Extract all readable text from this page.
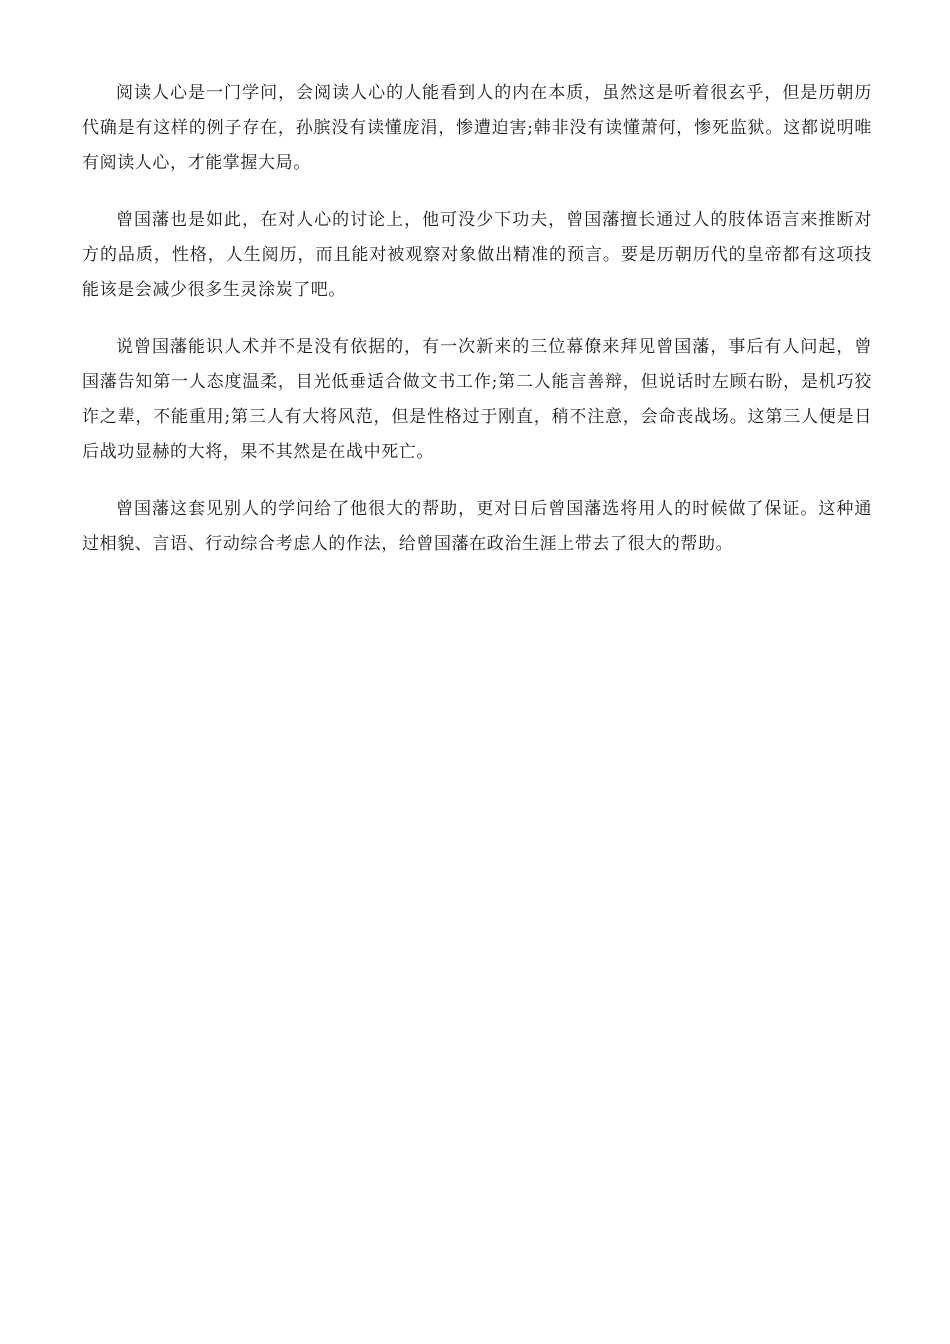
阅读人心是一门学问，会阅读人心的人能看到人的内在本质，虽然这是听着很玄乎，但是历朝历代确是有这样的例子存在，孙膑没有读懂庞涓，惨遭迫害;韩非没有读懂萧何，惨死监狱。这都说明唯有阅读人心，才能掌握大局。

曾国藩也是如此，在对人心的讨论上，他可没少下功夫，曾国藩擅长通过人的肢体语言来推断对方的品质，性格，人生阅历，而且能对被观察对象做出精准的预言。要是历朝历代的皇帝都有这项技能该是会减少很多生灵涂炭了吧。

说曾国藩能识人术并不是没有依据的，有一次新来的三位幕僚来拜见曾国藩，事后有人问起，曾国藩告知第一人态度温柔，目光低垂适合做文书工作;第二人能言善辩，但说话时左顾右盼，是机巧狡诈之辈，不能重用;第三人有大将风范，但是性格过于刚直，稍不注意，会命丧战场。这第三人便是日后战功显赫的大将，果不其然是在战中死亡。

曾国藩这套见别人的学问给了他很大的帮助，更对日后曾国藩选将用人的时候做了保证。这种通过相貌、言语、行动综合考虑人的作法，给曾国藩在政治生涯上带去了很大的帮助。
